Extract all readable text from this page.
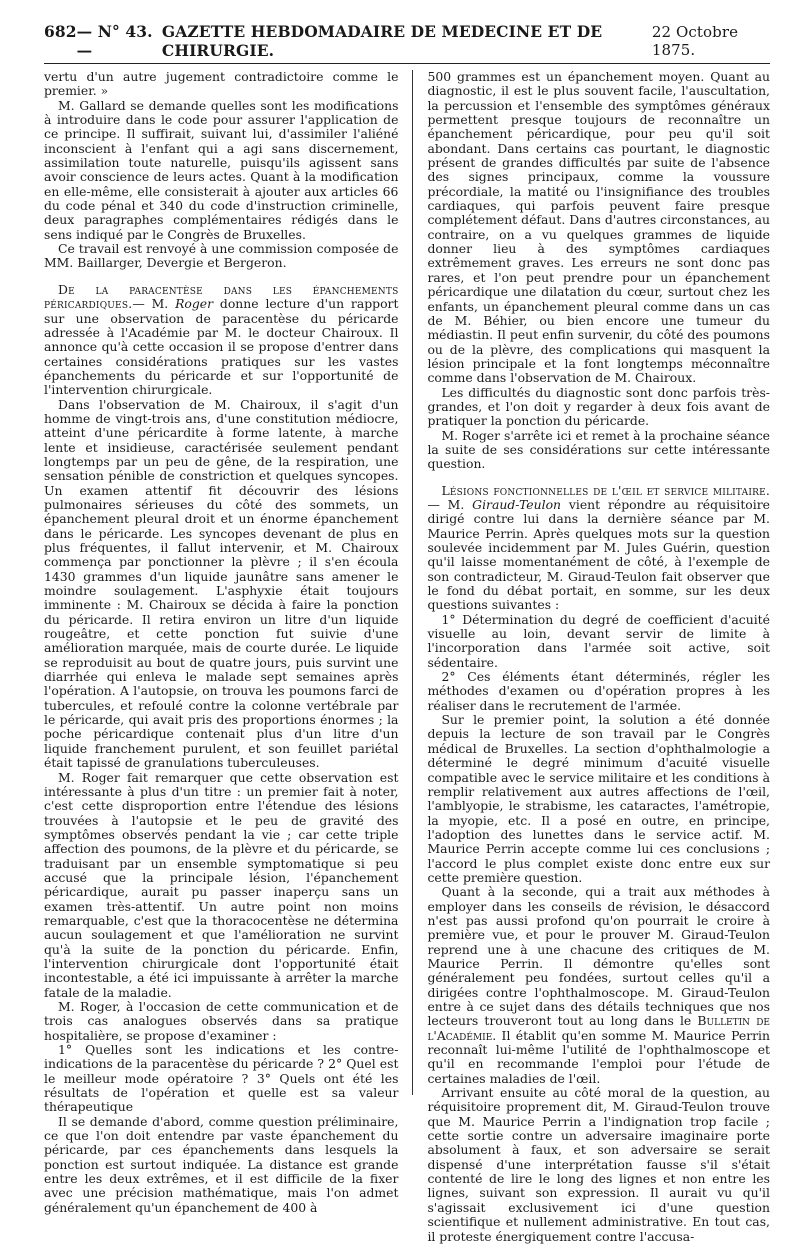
682 — N° 43. —
GAZETTE HEBDOMADAIRE DE MEDECINE ET DE CHIRURGIE.
22 Octobre 1875.

vertu d'un autre jugement contradictoire comme le premier. »

M. Gallard se demande quelles sont les modifications à introduire dans le code pour assurer l'application de ce principe. Il suffirait, suivant lui, d'assimiler l'aliéné inconscient à l'enfant qui a agi sans discernement, assimilation toute naturelle, puisqu'ils agissent sans avoir conscience de leurs actes. Quant à la modification en elle-même, elle consisterait à ajouter aux articles 66 du code pénal et 340 du code d'instruction criminelle, deux paragraphes complémentaires rédigés dans le sens indiqué par le Congrès de Bruxelles.

Ce travail est renvoyé à une commission composée de MM. Baillarger, Devergie et Bergeron.

De la paracentèse dans les épanchements péricardiques.— M. Roger donne lecture d'un rapport sur une observation de paracentèse du péricarde adressée à l'Académie par M. le docteur Chairoux. Il annonce qu'à cette occasion il se propose d'entrer dans certaines considérations pratiques sur les vastes épanchements du péricarde et sur l'opportunité de l'intervention chirurgicale.

Dans l'observation de M. Chairoux, il s'agit d'un homme de vingt-trois ans, d'une constitution médiocre, atteint d'une péricardite à forme latente, à marche lente et insidieuse, caractérisée seulement pendant longtemps par un peu de gêne, de la respiration, une sensation pénible de constriction et quelques syncopes. Un examen attentif fit découvrir des lésions pulmonaires sérieuses du côté des sommets, un épanchement pleural droit et un énorme épanchement dans le péricarde. Les syncopes devenant de plus en plus fréquentes, il fallut intervenir, et M. Chairoux commença par ponctionner la plèvre ; il s'en écoula 1430 grammes d'un liquide jaunâtre sans amener le moindre soulagement. L'asphyxie était toujours imminente : M. Chairoux se décida à faire la ponction du péricarde. Il retira environ un litre d'un liquide rougeâtre, et cette ponction fut suivie d'une amélioration marquée, mais de courte durée. Le liquide se reproduisit au bout de quatre jours, puis survint une diarrhée qui enleva le malade sept semaines après l'opération. A l'autopsie, on trouva les poumons farci de tubercules, et refoulé contre la colonne vertébrale par le péricarde, qui avait pris des proportions énormes ; la poche péricardique contenait plus d'un litre d'un liquide franchement purulent, et son feuillet pariétal était tapissé de granulations tuberculeuses.

M. Roger fait remarquer que cette observation est intéressante à plus d'un titre : un premier fait à noter, c'est cette disproportion entre l'étendue des lésions trouvées à l'autopsie et le peu de gravité des symptômes observés pendant la vie ; car cette triple affection des poumons, de la plèvre et du péricarde, se traduisant par un ensemble symptomatique si peu accusé que la principale lésion, l'épanchement péricardique, aurait pu passer inaperçu sans un examen très-attentif. Un autre point non moins remarquable, c'est que la thoracocentèse ne détermina aucun soulagement et que l'amélioration ne survint qu'à la suite de la ponction du péricarde. Enfin, l'intervention chirurgicale dont l'opportunité était incontestable, a été ici impuissante à arrêter la marche fatale de la maladie.

M. Roger, à l'occasion de cette communication et de trois cas analogues observés dans sa pratique hospitalière, se propose d'examiner :

1° Quelles sont les indications et les contre-indications de la paracentèse du péricarde ? 2° Quel est le meilleur mode opératoire ? 3° Quels ont été les résultats de l'opération et quelle est sa valeur thérapeutique

Il se demande d'abord, comme question préliminaire, ce que l'on doit entendre par vaste épanchement du péricarde, par ces épanchements dans lesquels la ponction est surtout indiquée. La distance est grande entre les deux extrêmes, et il est difficile de la fixer avec une précision mathématique, mais l'on admet généralement qu'un épanchement de 400 à

500 grammes est un épanchement moyen. Quant au diagnostic, il est le plus souvent facile, l'auscultation, la percussion et l'ensemble des symptômes généraux permettent presque toujours de reconnaître un épanchement péricardique, pour peu qu'il soit abondant. Dans certains cas pourtant, le diagnostic présent de grandes difficultés par suite de l'absence des signes principaux, comme la voussure précordiale, la matité ou l'insignifiance des troubles cardiaques, qui parfois peuvent faire presque complétement défaut. Dans d'autres circonstances, au contraire, on a vu quelques grammes de liquide donner lieu à des symptômes cardiaques extrêmement graves. Les erreurs ne sont donc pas rares, et l'on peut prendre pour un épanchement péricardique une dilatation du cœur, surtout chez les enfants, un épanchement pleural comme dans un cas de M. Béhier, ou bien encore une tumeur du médiastin. Il peut enfin survenir, du côté des poumons ou de la plèvre, des complications qui masquent la lésion principale et la font longtemps méconnaître comme dans l'observation de M. Chairoux.

Les difficultés du diagnostic sont donc parfois très-grandes, et l'on doit y regarder à deux fois avant de pratiquer la ponction du péricarde.

M. Roger s'arrête ici et remet à la prochaine séance la suite de ses considérations sur cette intéressante question.

Lésions fonctionnelles de l'œil et service militaire.— M. Giraud-Teulon vient répondre au réquisitoire dirigé contre lui dans la dernière séance par M. Maurice Perrin. Après quelques mots sur la question soulevée incidemment par M. Jules Guérin, question qu'il laisse momentanément de côté, à l'exemple de son contradicteur, M. Giraud-Teulon fait observer que le fond du débat portait, en somme, sur les deux questions suivantes :

1° Détermination du degré de coefficient d'acuité visuelle au loin, devant servir de limite à l'incorporation dans l'armée soit active, soit sédentaire.

2° Ces éléments étant déterminés, régler les méthodes d'examen ou d'opération propres à les réaliser dans le recrutement de l'armée.

Sur le premier point, la solution a été donnée depuis la lecture de son travail par le Congrès médical de Bruxelles. La section d'ophthalmologie a déterminé le degré minimum d'acuité visuelle compatible avec le service militaire et les conditions à remplir relativement aux autres affections de l'œil, l'amblyopie, le strabisme, les cataractes, l'amétropie, la myopie, etc. Il a posé en outre, en principe, l'adoption des lunettes dans le service actif. M. Maurice Perrin accepte comme lui ces conclusions ; l'accord le plus complet existe donc entre eux sur cette première question.

Quant à la seconde, qui a trait aux méthodes à employer dans les conseils de révision, le désaccord n'est pas aussi profond qu'on pourrait le croire à première vue, et pour le prouver M. Giraud-Teulon reprend une à une chacune des critiques de M. Maurice Perrin. Il démontre qu'elles sont généralement peu fondées, surtout celles qu'il a dirigées contre l'ophthalmoscope. M. Giraud-Teulon entre à ce sujet dans des détails techniques que nos lecteurs trouveront tout au long dans le Bulletin de l'Académie. Il établit qu'en somme M. Maurice Perrin reconnaît lui-même l'utilité de l'ophthalmoscope et qu'il en recommande l'emploi pour l'étude de certaines maladies de l'œil.

Arrivant ensuite au côté moral de la question, au réquisitoire proprement dit, M. Giraud-Teulon trouve que M. Maurice Perrin a l'indignation trop facile ; cette sortie contre un adversaire imaginaire porte absolument à faux, et son adversaire se serait dispensé d'une interprétation fausse s'il s'était contenté de lire le long des lignes et non entre les lignes, suivant son expression. Il aurait vu qu'il s'agissait exclusivement ici d'une question scientifique et nullement administrative. En tout cas, il proteste énergiquement contre l'accusa-
